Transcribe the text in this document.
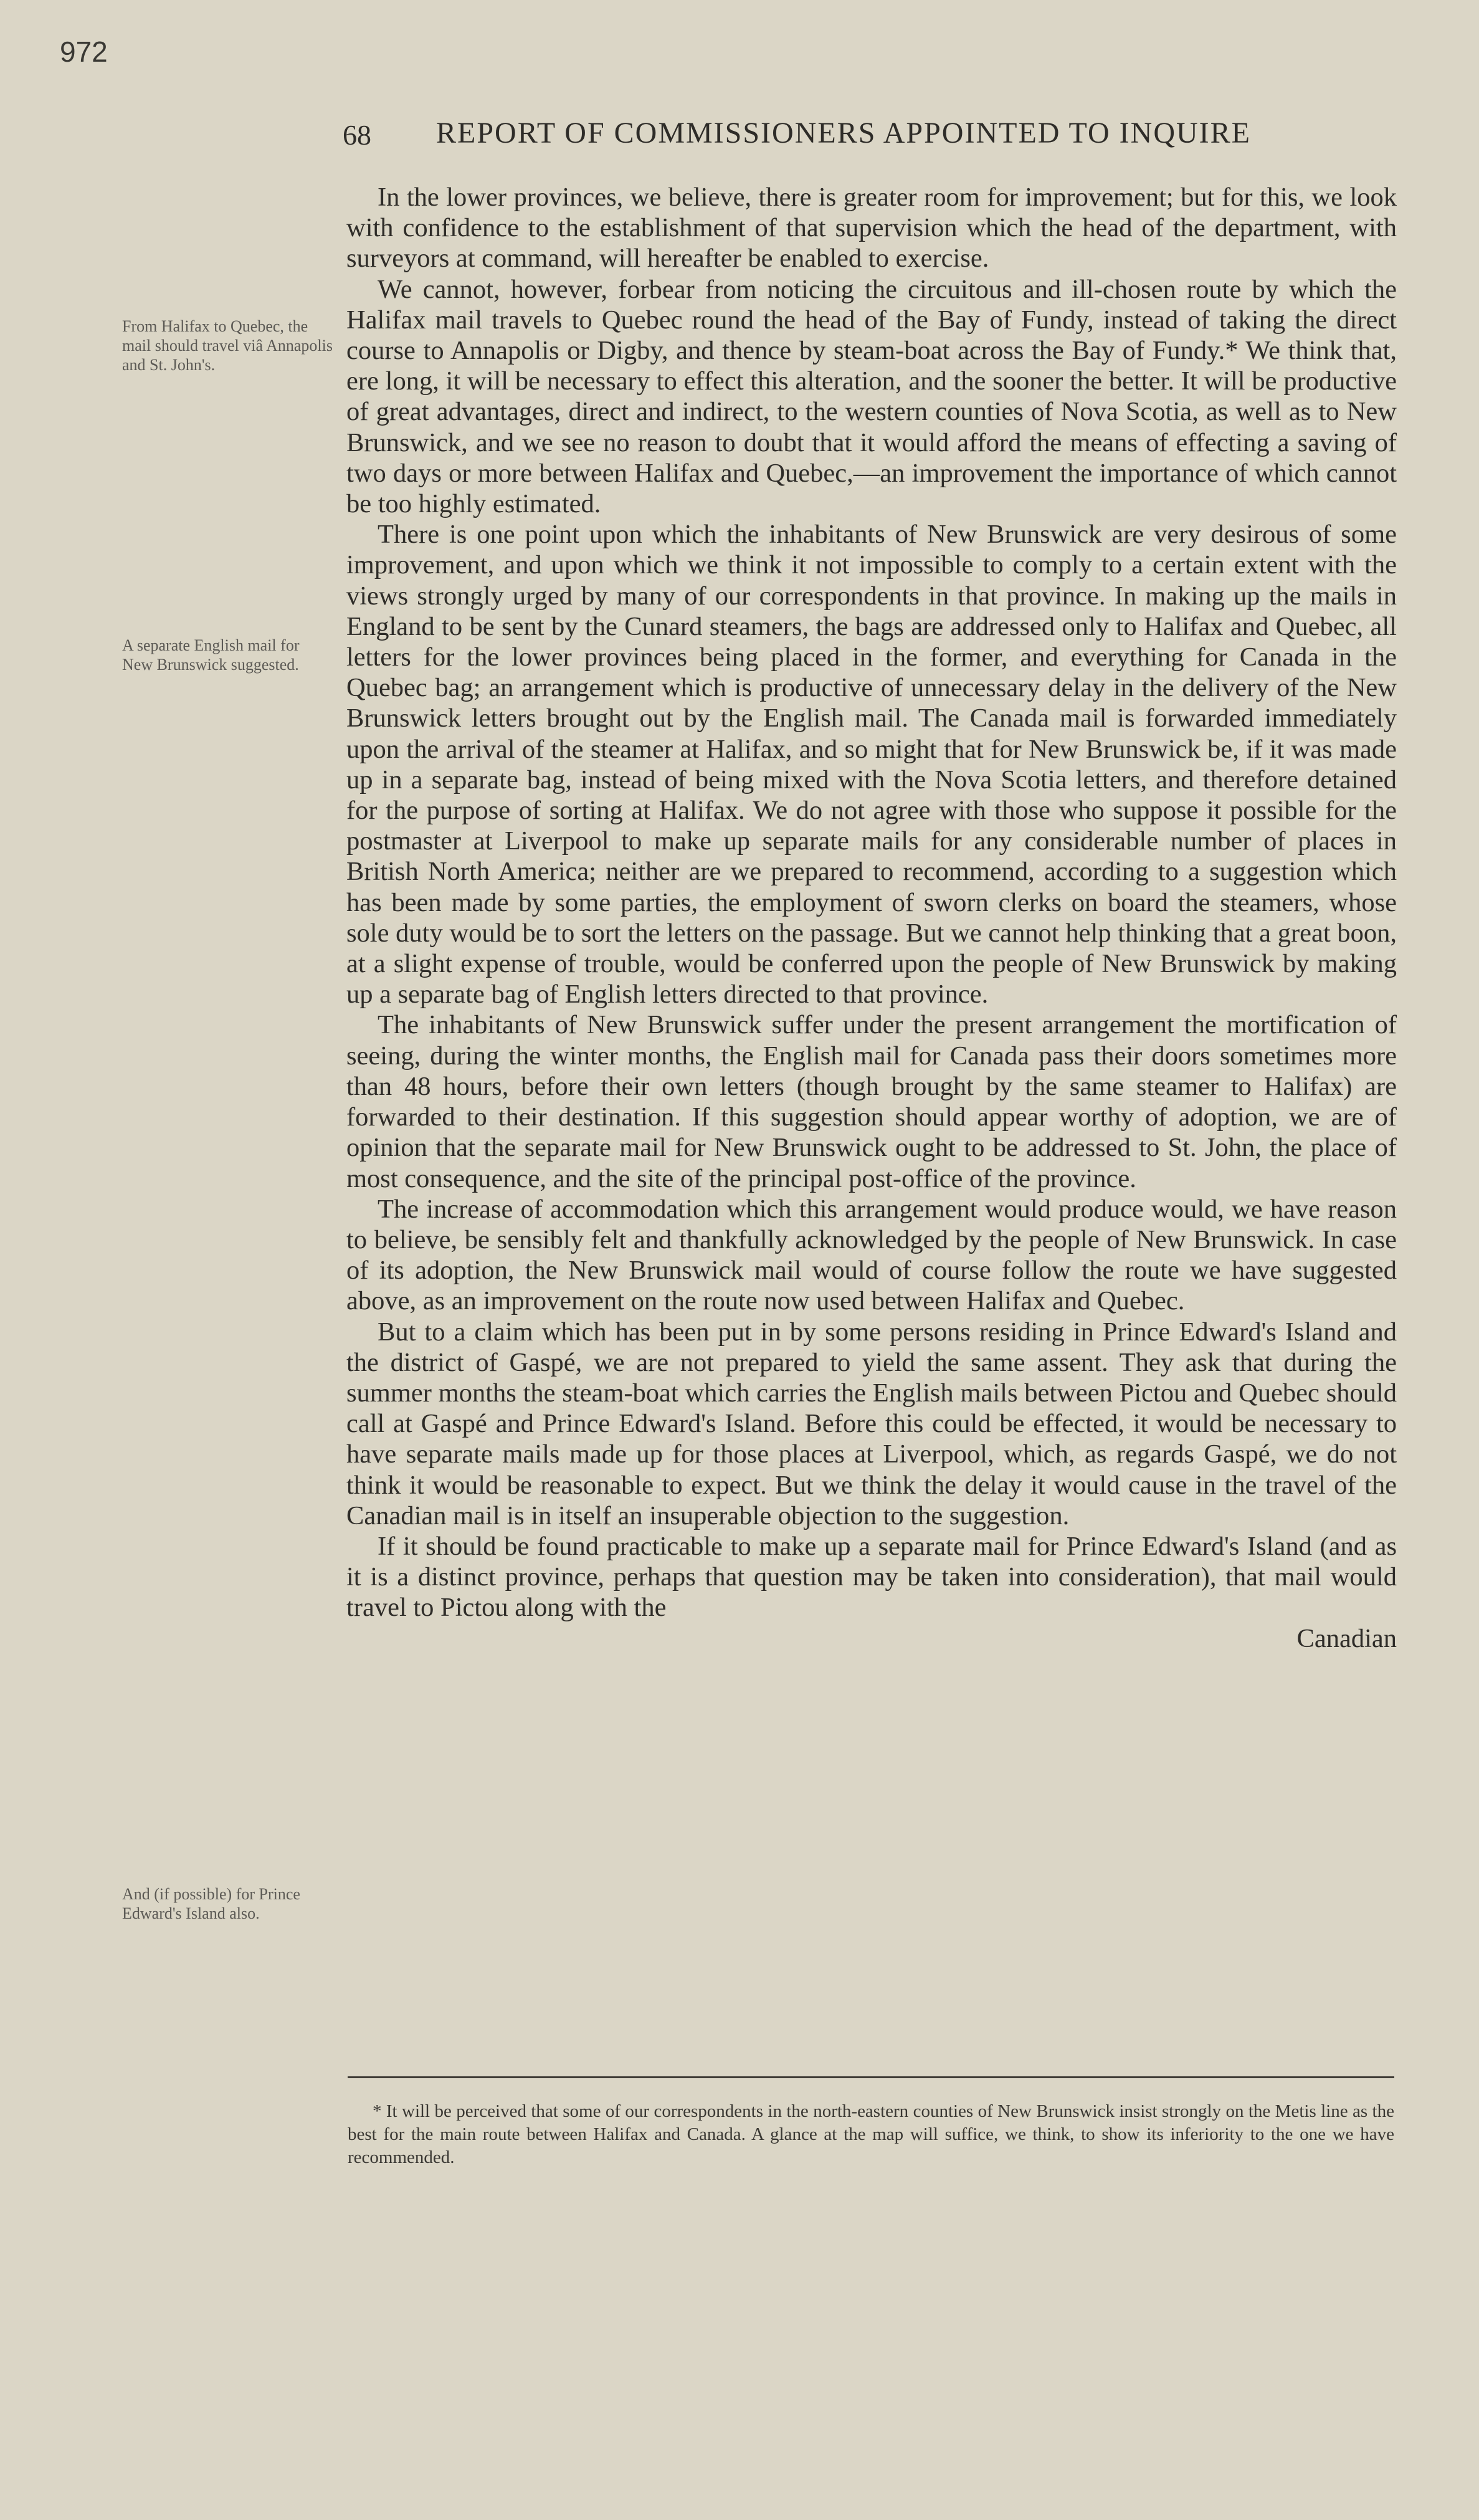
972
68 REPORT OF COMMISSIONERS APPOINTED TO INQUIRE
From Halifax to Quebec, the mail should travel viâ Annapolis and St. John's.
A separate English mail for New Brunswick suggested.
And (if possible) for Prince Edward's Island also.

In the lower provinces, we believe, there is greater room for improvement; but for this, we look with confidence to the establishment of that supervision which the head of the department, with surveyors at command, will hereafter be enabled to exercise.

We cannot, however, forbear from noticing the circuitous and ill-chosen route by which the Halifax mail travels to Quebec round the head of the Bay of Fundy, instead of taking the direct course to Annapolis or Digby, and thence by steam-boat across the Bay of Fundy.* We think that, ere long, it will be necessary to effect this alteration, and the sooner the better. It will be productive of great advantages, direct and indirect, to the western counties of Nova Scotia, as well as to New Brunswick, and we see no reason to doubt that it would afford the means of effecting a saving of two days or more between Halifax and Quebec,—an improvement the importance of which cannot be too highly estimated.

There is one point upon which the inhabitants of New Brunswick are very desirous of some improvement, and upon which we think it not impossible to comply to a certain extent with the views strongly urged by many of our correspondents in that province. In making up the mails in England to be sent by the Cunard steamers, the bags are addressed only to Halifax and Quebec, all letters for the lower provinces being placed in the former, and everything for Canada in the Quebec bag; an arrangement which is productive of unnecessary delay in the delivery of the New Brunswick letters brought out by the English mail. The Canada mail is forwarded immediately upon the arrival of the steamer at Halifax, and so might that for New Brunswick be, if it was made up in a separate bag, instead of being mixed with the Nova Scotia letters, and therefore detained for the purpose of sorting at Halifax. We do not agree with those who suppose it possible for the postmaster at Liverpool to make up separate mails for any considerable number of places in British North America; neither are we prepared to recommend, according to a suggestion which has been made by some parties, the employment of sworn clerks on board the steamers, whose sole duty would be to sort the letters on the passage. But we cannot help thinking that a great boon, at a slight expense of trouble, would be conferred upon the people of New Brunswick by making up a separate bag of English letters directed to that province.

The inhabitants of New Brunswick suffer under the present arrangement the mortification of seeing, during the winter months, the English mail for Canada pass their doors sometimes more than 48 hours, before their own letters (though brought by the same steamer to Halifax) are forwarded to their destination. If this suggestion should appear worthy of adoption, we are of opinion that the separate mail for New Brunswick ought to be addressed to St. John, the place of most consequence, and the site of the principal post-office of the province.

The increase of accommodation which this arrangement would produce would, we have reason to believe, be sensibly felt and thankfully acknowledged by the people of New Brunswick. In case of its adoption, the New Brunswick mail would of course follow the route we have suggested above, as an improvement on the route now used between Halifax and Quebec.

But to a claim which has been put in by some persons residing in Prince Edward's Island and the district of Gaspé, we are not prepared to yield the same assent. They ask that during the summer months the steam-boat which carries the English mails between Pictou and Quebec should call at Gaspé and Prince Edward's Island. Before this could be effected, it would be necessary to have separate mails made up for those places at Liverpool, which, as regards Gaspé, we do not think it would be reasonable to expect. But we think the delay it would cause in the travel of the Canadian mail is in itself an insuperable objection to the suggestion.

If it should be found practicable to make up a separate mail for Prince Edward's Island (and as it is a distinct province, perhaps that question may be taken into consideration), that mail would travel to Pictou along with the

Canadian

* It will be perceived that some of our correspondents in the north-eastern counties of New Brunswick insist strongly on the Metis line as the best for the main route between Halifax and Canada. A glance at the map will suffice, we think, to show its inferiority to the one we have recommended.
